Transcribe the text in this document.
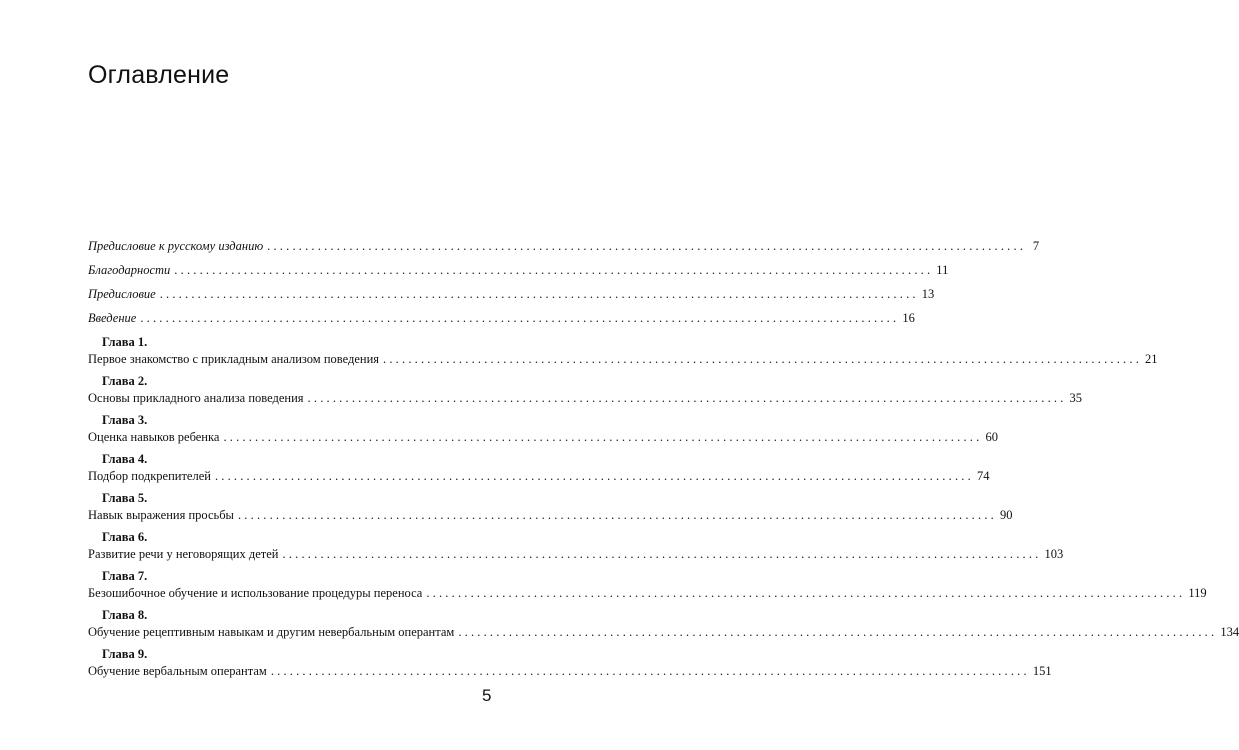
Оглавление
Предисловие к русскому изданию ........................................................................................................................ 7
Благодарности ........................................................................................................................ 11
Предисловие ........................................................................................................................ 13
Введение ........................................................................................................................ 16
Глава 1.
Первое знакомство с прикладным анализом поведения ........................................................................................................................ 21
Глава 2.
Основы прикладного анализа поведения ........................................................................................................................ 35
Глава 3.
Оценка навыков ребенка ........................................................................................................................ 60
Глава 4.
Подбор подкрепителей ........................................................................................................................ 74
Глава 5.
Навык выражения просьбы ........................................................................................................................ 90
Глава 6.
Развитие речи у неговорящих детей ........................................................................................................................ 103
Глава 7.
Безошибочное обучение и использование процедуры переноса ........................................................................................................................ 119
Глава 8.
Обучение рецептивным навыкам и другим невербальным оперантам ........................................................................................................................ 134
Глава 9.
Обучение вербальным оперантам ........................................................................................................................ 151
5
